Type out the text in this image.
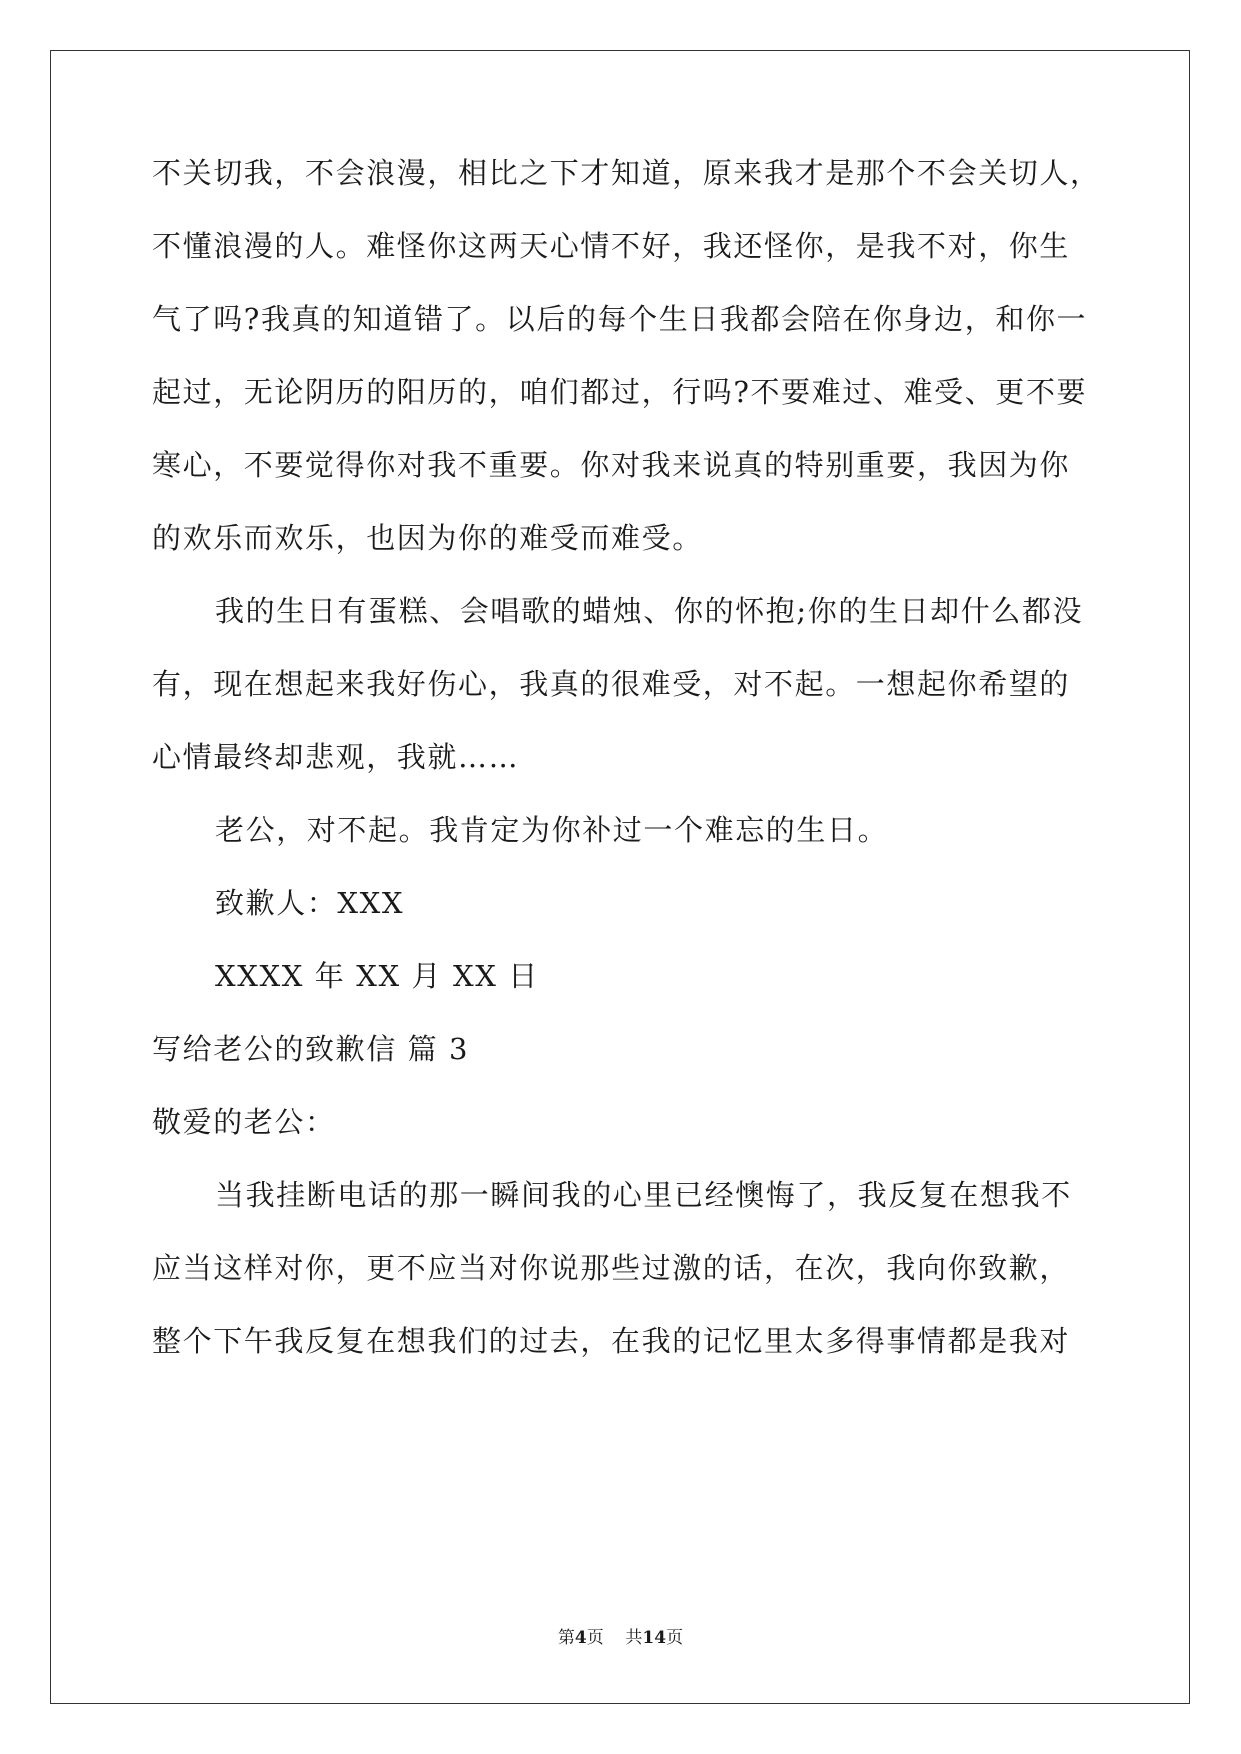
不关切我，不会浪漫，相比之下才知道，原来我才是那个不会关切人，
不懂浪漫的人。难怪你这两天心情不好，我还怪你，是我不对，你生
气了吗?我真的知道错了。以后的每个生日我都会陪在你身边，和你一
起过，无论阴历的阳历的，咱们都过，行吗?不要难过、难受、更不要
寒心，不要觉得你对我不重要。你对我来说真的特别重要，我因为你
的欢乐而欢乐，也因为你的难受而难受。
我的生日有蛋糕、会唱歌的蜡烛、你的怀抱;你的生日却什么都没
有，现在想起来我好伤心，我真的很难受，对不起。一想起你希望的
心情最终却悲观，我就……
老公，对不起。我肯定为你补过一个难忘的生日。
致歉人：XXX
XXXX 年 XX 月 XX 日
写给老公的致歉信 篇 3
敬爱的老公：
当我挂断电话的那一瞬间我的心里已经懊悔了，我反复在想我不
应当这样对你，更不应当对你说那些过激的话，在次，我向你致歉，
整个下午我反复在想我们的过去，在我的记忆里太多得事情都是我对
第4页 共14页
